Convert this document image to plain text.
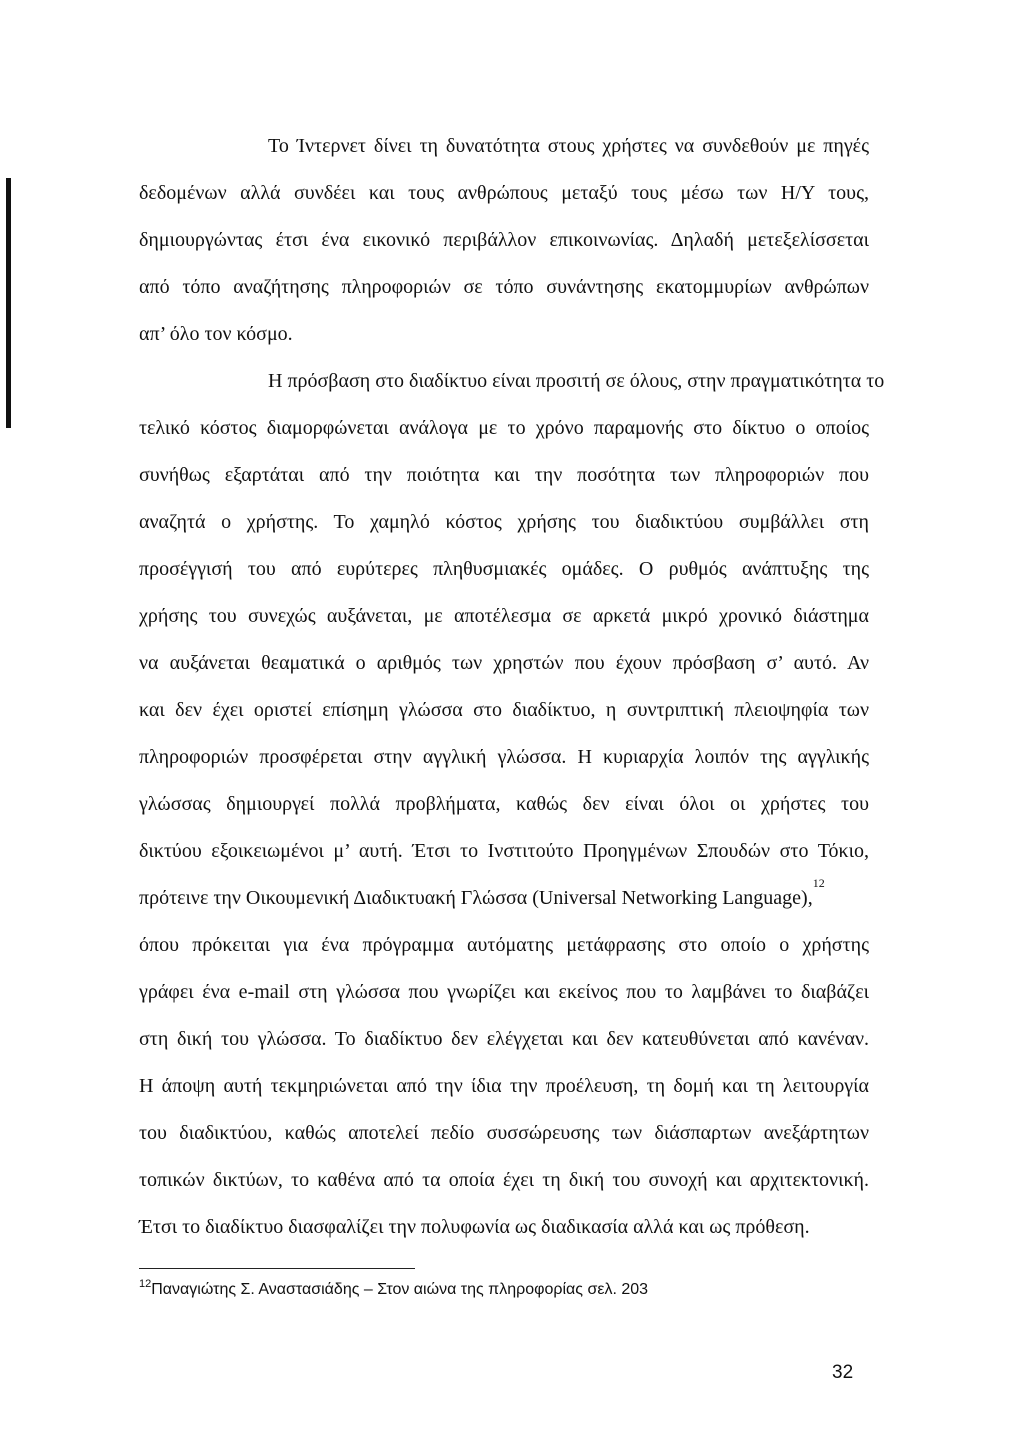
Το Ίντερνετ δίνει τη δυνατότητα στους χρήστες να συνδεθούν με πηγές
δεδομένων αλλά συνδέει και τους ανθρώπους μεταξύ τους μέσω των Η/Υ τους,
δημιουργώντας έτσι ένα εικονικό περιβάλλον επικοινωνίας. Δηλαδή μετεξελίσσεται
από τόπο αναζήτησης πληροφοριών σε τόπο συνάντησης εκατομμυρίων ανθρώπων
απ’ όλο τον κόσμο.
Η πρόσβαση στο διαδίκτυο είναι προσιτή σε όλους, στην πραγματικότητα το
τελικό κόστος διαμορφώνεται ανάλογα με το χρόνο παραμονής στο δίκτυο ο οποίος
συνήθως εξαρτάται από την ποιότητα και την ποσότητα των πληροφοριών που
αναζητά ο χρήστης. Το χαμηλό κόστος χρήσης του διαδικτύου συμβάλλει στη
προσέγγισή του από ευρύτερες πληθυσμιακές ομάδες. Ο ρυθμός ανάπτυξης της
χρήσης του συνεχώς αυξάνεται, με αποτέλεσμα σε αρκετά μικρό χρονικό διάστημα
να αυξάνεται θεαματικά ο αριθμός των χρηστών που έχουν πρόσβαση σ’ αυτό. Αν
και δεν έχει οριστεί επίσημη γλώσσα στο διαδίκτυο, η συντριπτική πλειοψηφία των
πληροφοριών προσφέρεται στην αγγλική γλώσσα. Η κυριαρχία λοιπόν της αγγλικής
γλώσσας δημιουργεί πολλά προβλήματα, καθώς δεν είναι όλοι οι χρήστες του
δικτύου εξοικειωμένοι μ’ αυτή. Έτσι το Ινστιτούτο Προηγμένων Σπουδών στο Τόκιο,
πρότεινε την Οικουμενική Διαδικτυακή Γλώσσα (Universal Networking Language),$^{12}$
όπου πρόκειται για ένα πρόγραμμα αυτόματης μετάφρασης στο οποίο ο χρήστης
γράφει ένα e-mail στη γλώσσα που γνωρίζει και εκείνος που το λαμβάνει το διαβάζει
στη δική του γλώσσα. Το διαδίκτυο δεν ελέγχεται και δεν κατευθύνεται από κανέναν.
Η άποψη αυτή τεκμηριώνεται από την ίδια την προέλευση, τη δομή και τη λειτουργία
του διαδικτύου, καθώς αποτελεί πεδίο συσσώρευσης των διάσπαρτων ανεξάρτητων
τοπικών δικτύων, το καθένα από τα οποία έχει τη δική του συνοχή και αρχιτεκτονική.
Έτσι το διαδίκτυο διασφαλίζει την πολυφωνία ως διαδικασία αλλά και ως πρόθεση.
$^{12}$Παναγιώτης Σ. Αναστασιάδης – Στον αιώνα της πληροφορίας σελ. 203
32
